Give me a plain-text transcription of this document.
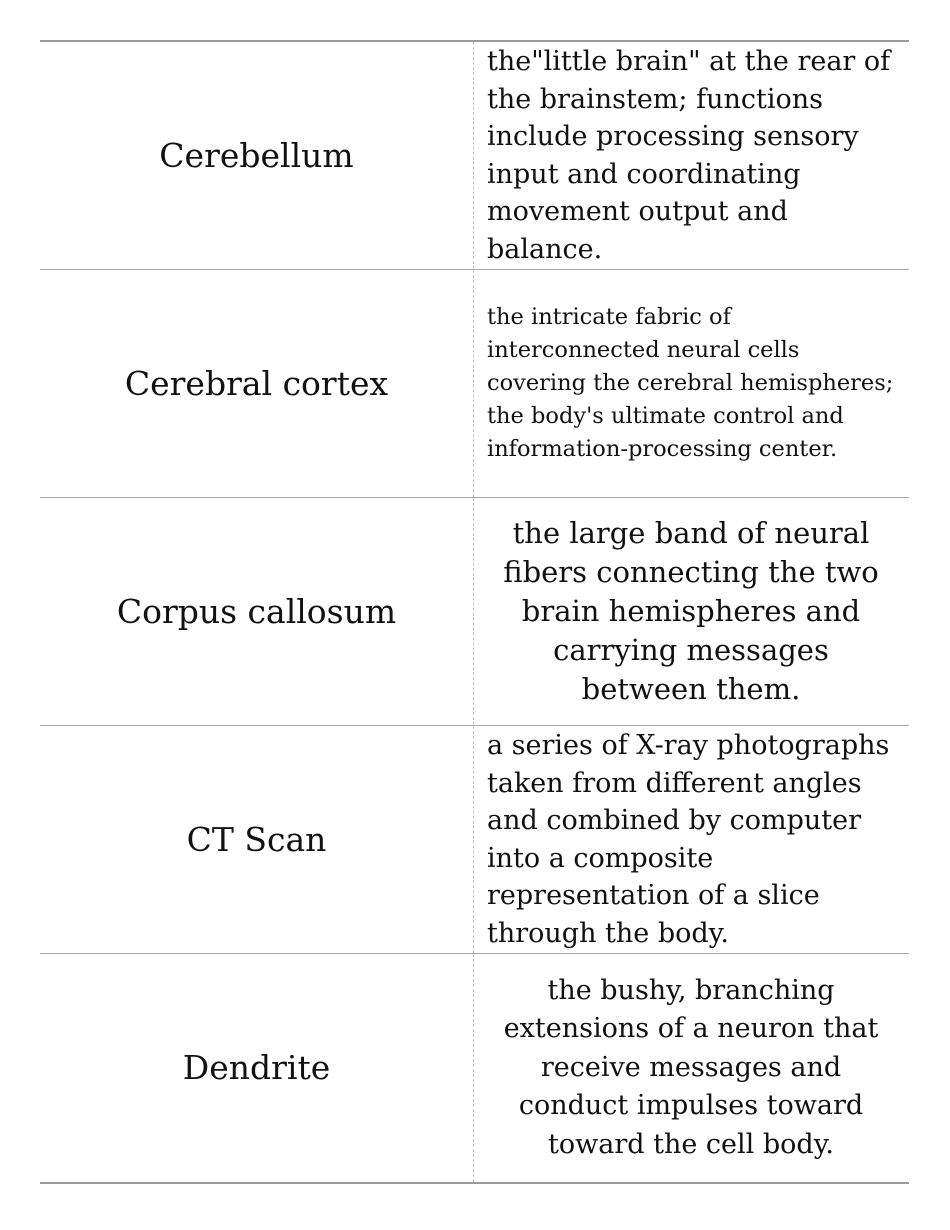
Cerebellum
the"little brain" at the rear of the brainstem; functions include processing sensory input and coordinating movement output and balance.
Cerebral cortex
the intricate fabric of interconnected neural cells covering the cerebral hemispheres; the body's ultimate control and information-processing center.
Corpus callosum
the large band of neural fibers connecting the two brain hemispheres and carrying messages between them.
CT Scan
a series of X-ray photographs taken from different angles and combined by computer into a composite representation of a slice through the body.
Dendrite
the bushy, branching extensions of a neuron that receive messages and conduct impulses toward toward the cell body.
